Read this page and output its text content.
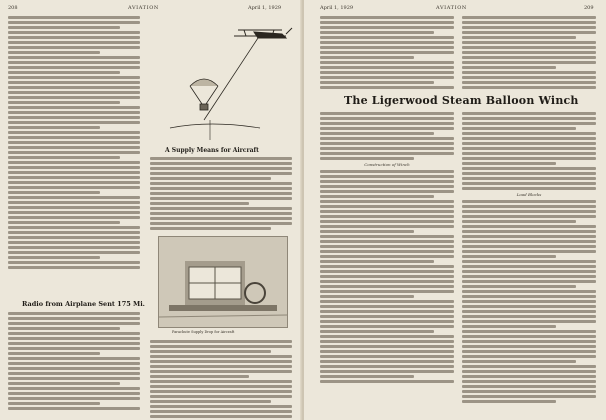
208	AVIATION	April 1, 1929
Radio from Airplane Sent 175 Mi.
A Supply Means for Aircraft
Parachute Supply Drop for Aircraft
April 1, 1929	AVIATION	209
The Ligerwood Steam Balloon Winch
Construction of Winch
Load Blocks
